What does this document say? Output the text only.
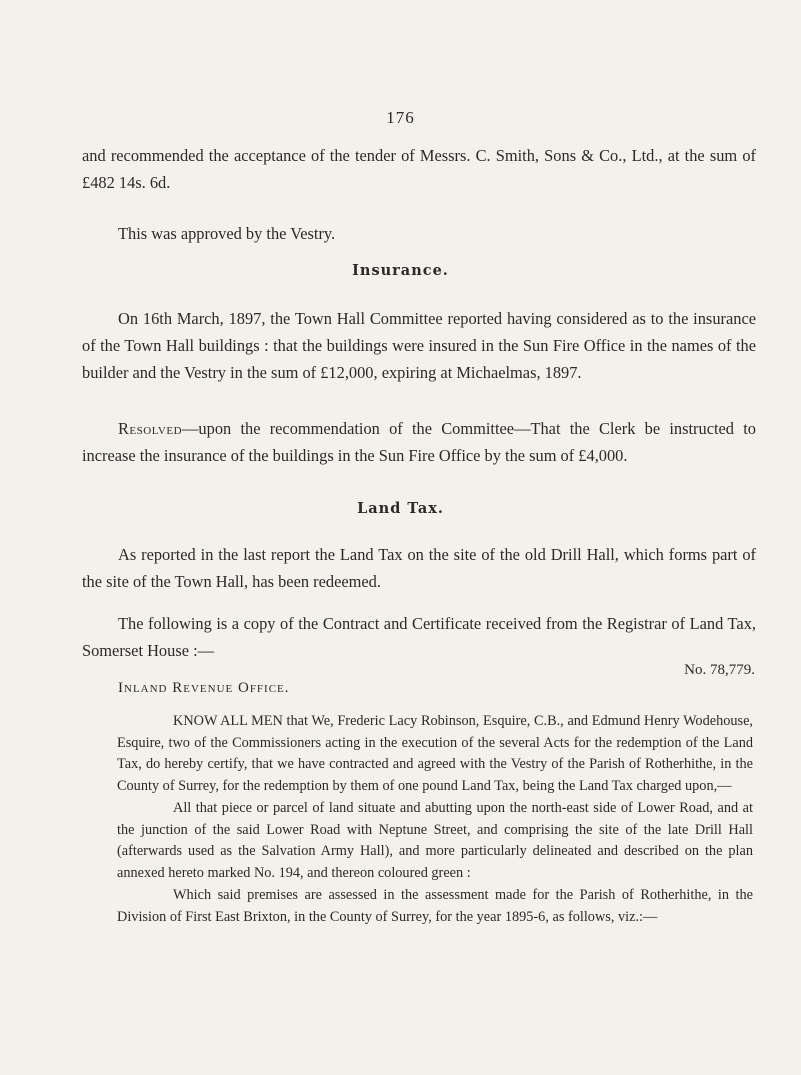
176
and recommended the acceptance of the tender of Messrs. C. Smith, Sons & Co., Ltd., at the sum of £482 14s. 6d.
This was approved by the Vestry.
Insurance.
On 16th March, 1897, the Town Hall Committee reported having considered as to the insurance of the Town Hall buildings : that the buildings were insured in the Sun Fire Office in the names of the builder and the Vestry in the sum of £12,000, expiring at Michaelmas, 1897.
Resolved—upon the recommendation of the Committee—That the Clerk be instructed to increase the insurance of the buildings in the Sun Fire Office by the sum of £4,000.
Land Tax.
As reported in the last report the Land Tax on the site of the old Drill Hall, which forms part of the site of the Town Hall, has been redeemed.
The following is a copy of the Contract and Certificate received from the Registrar of Land Tax, Somerset House :—
No. 78,779.
Inland Revenue Office.

KNOW ALL MEN that We, Frederic Lacy Robinson, Esquire, C.B., and Edmund Henry Wodehouse, Esquire, two of the Commissioners acting in the execution of the several Acts for the redemption of the Land Tax, do hereby certify, that we have contracted and agreed with the Vestry of the Parish of Rotherhithe, in the County of Surrey, for the redemption by them of one pound Land Tax, being the Land Tax charged upon,—

All that piece or parcel of land situate and abutting upon the north-east side of Lower Road, and at the junction of the said Lower Road with Neptune Street, and comprising the site of the late Drill Hall (afterwards used as the Salvation Army Hall), and more particularly delineated and described on the plan annexed hereto marked No. 194, and thereon coloured green :

Which said premises are assessed in the assessment made for the Parish of Rotherhithe, in the Division of First East Brixton, in the County of Surrey, for the year 1895-6, as follows, viz.:—
